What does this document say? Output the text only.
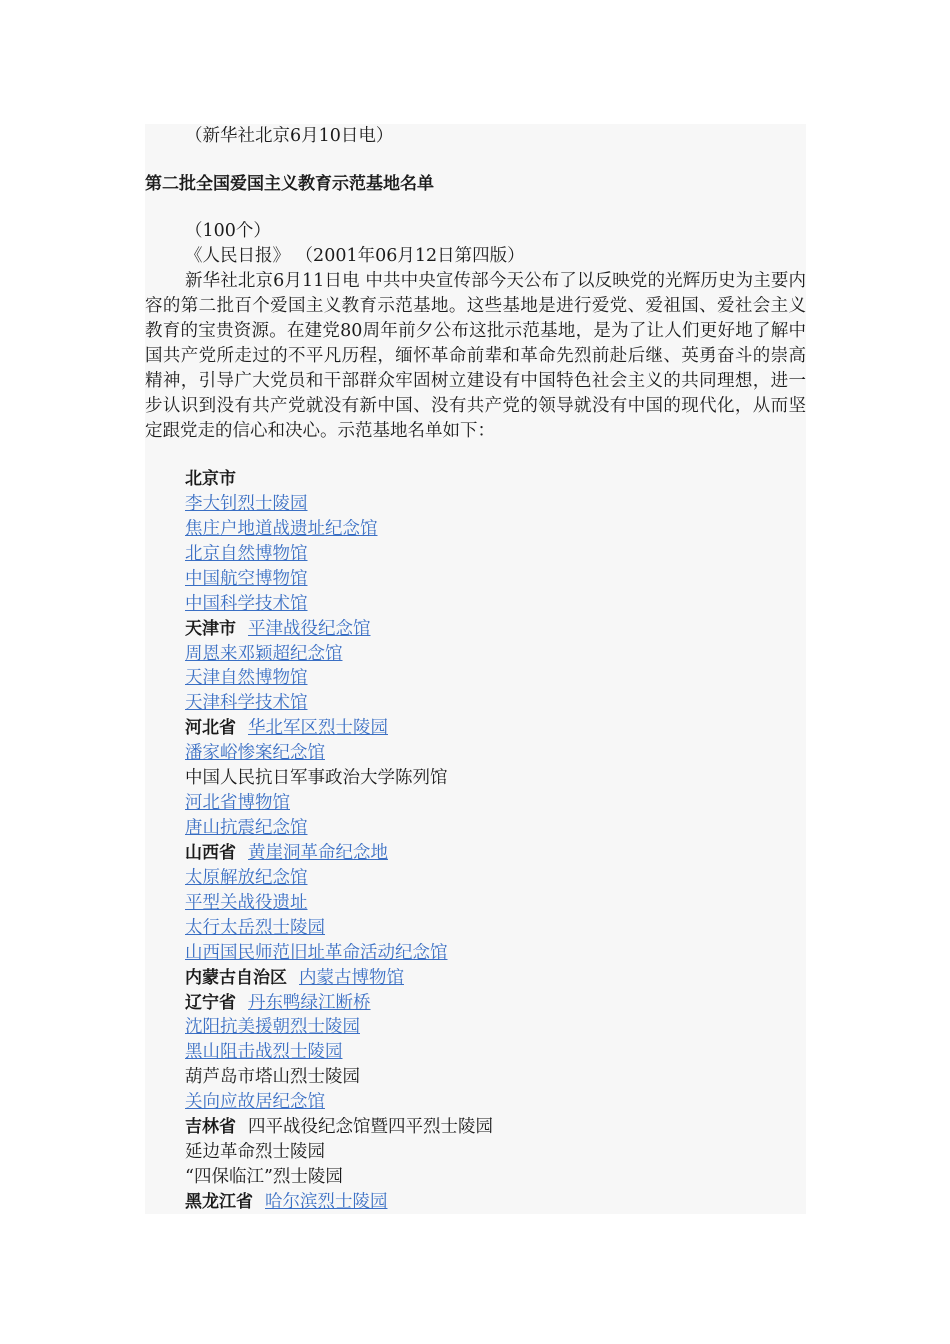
（新华社北京6月10日电）
第二批全国爱国主义教育示范基地名单
（100个）
《人民日报》 （2001年06月12日第四版）
新华社北京6月11日电 中共中央宣传部今天公布了以反映党的光辉历史为主要内容的第二批百个爱国主义教育示范基地。这些基地是进行爱党、爱祖国、爱社会主义教育的宝贵资源。在建党80周年前夕公布这批示范基地，是为了让人们更好地了解中国共产党所走过的不平凡历程，缅怀革命前辈和革命先烈前赴后继、英勇奋斗的崇高精神，引导广大党员和干部群众牢固树立建设有中国特色社会主义的共同理想，进一步认识到没有共产党就没有新中国、没有共产党的领导就没有中国的现代化，从而坚定跟党走的信心和决心。示范基地名单如下：
北京市
李大钊烈士陵园
焦庄户地道战遗址纪念馆
北京自然博物馆
中国航空博物馆
中国科学技术馆
天津市 平津战役纪念馆
周恩来邓颖超纪念馆
天津自然博物馆
天津科学技术馆
河北省 华北军区烈士陵园
潘家峪惨案纪念馆
中国人民抗日军事政治大学陈列馆
河北省博物馆
唐山抗震纪念馆
山西省 黄崖洞革命纪念地
太原解放纪念馆
平型关战役遗址
太行太岳烈士陵园
山西国民师范旧址革命活动纪念馆
内蒙古自治区 内蒙古博物馆
辽宁省 丹东鸭绿江断桥
沈阳抗美援朝烈士陵园
黑山阻击战烈士陵园
葫芦岛市塔山烈士陵园
关向应故居纪念馆
吉林省 四平战役纪念馆暨四平烈士陵园
延边革命烈士陵园
“四保临江”烈士陵园
黑龙江省 哈尔滨烈士陵园
